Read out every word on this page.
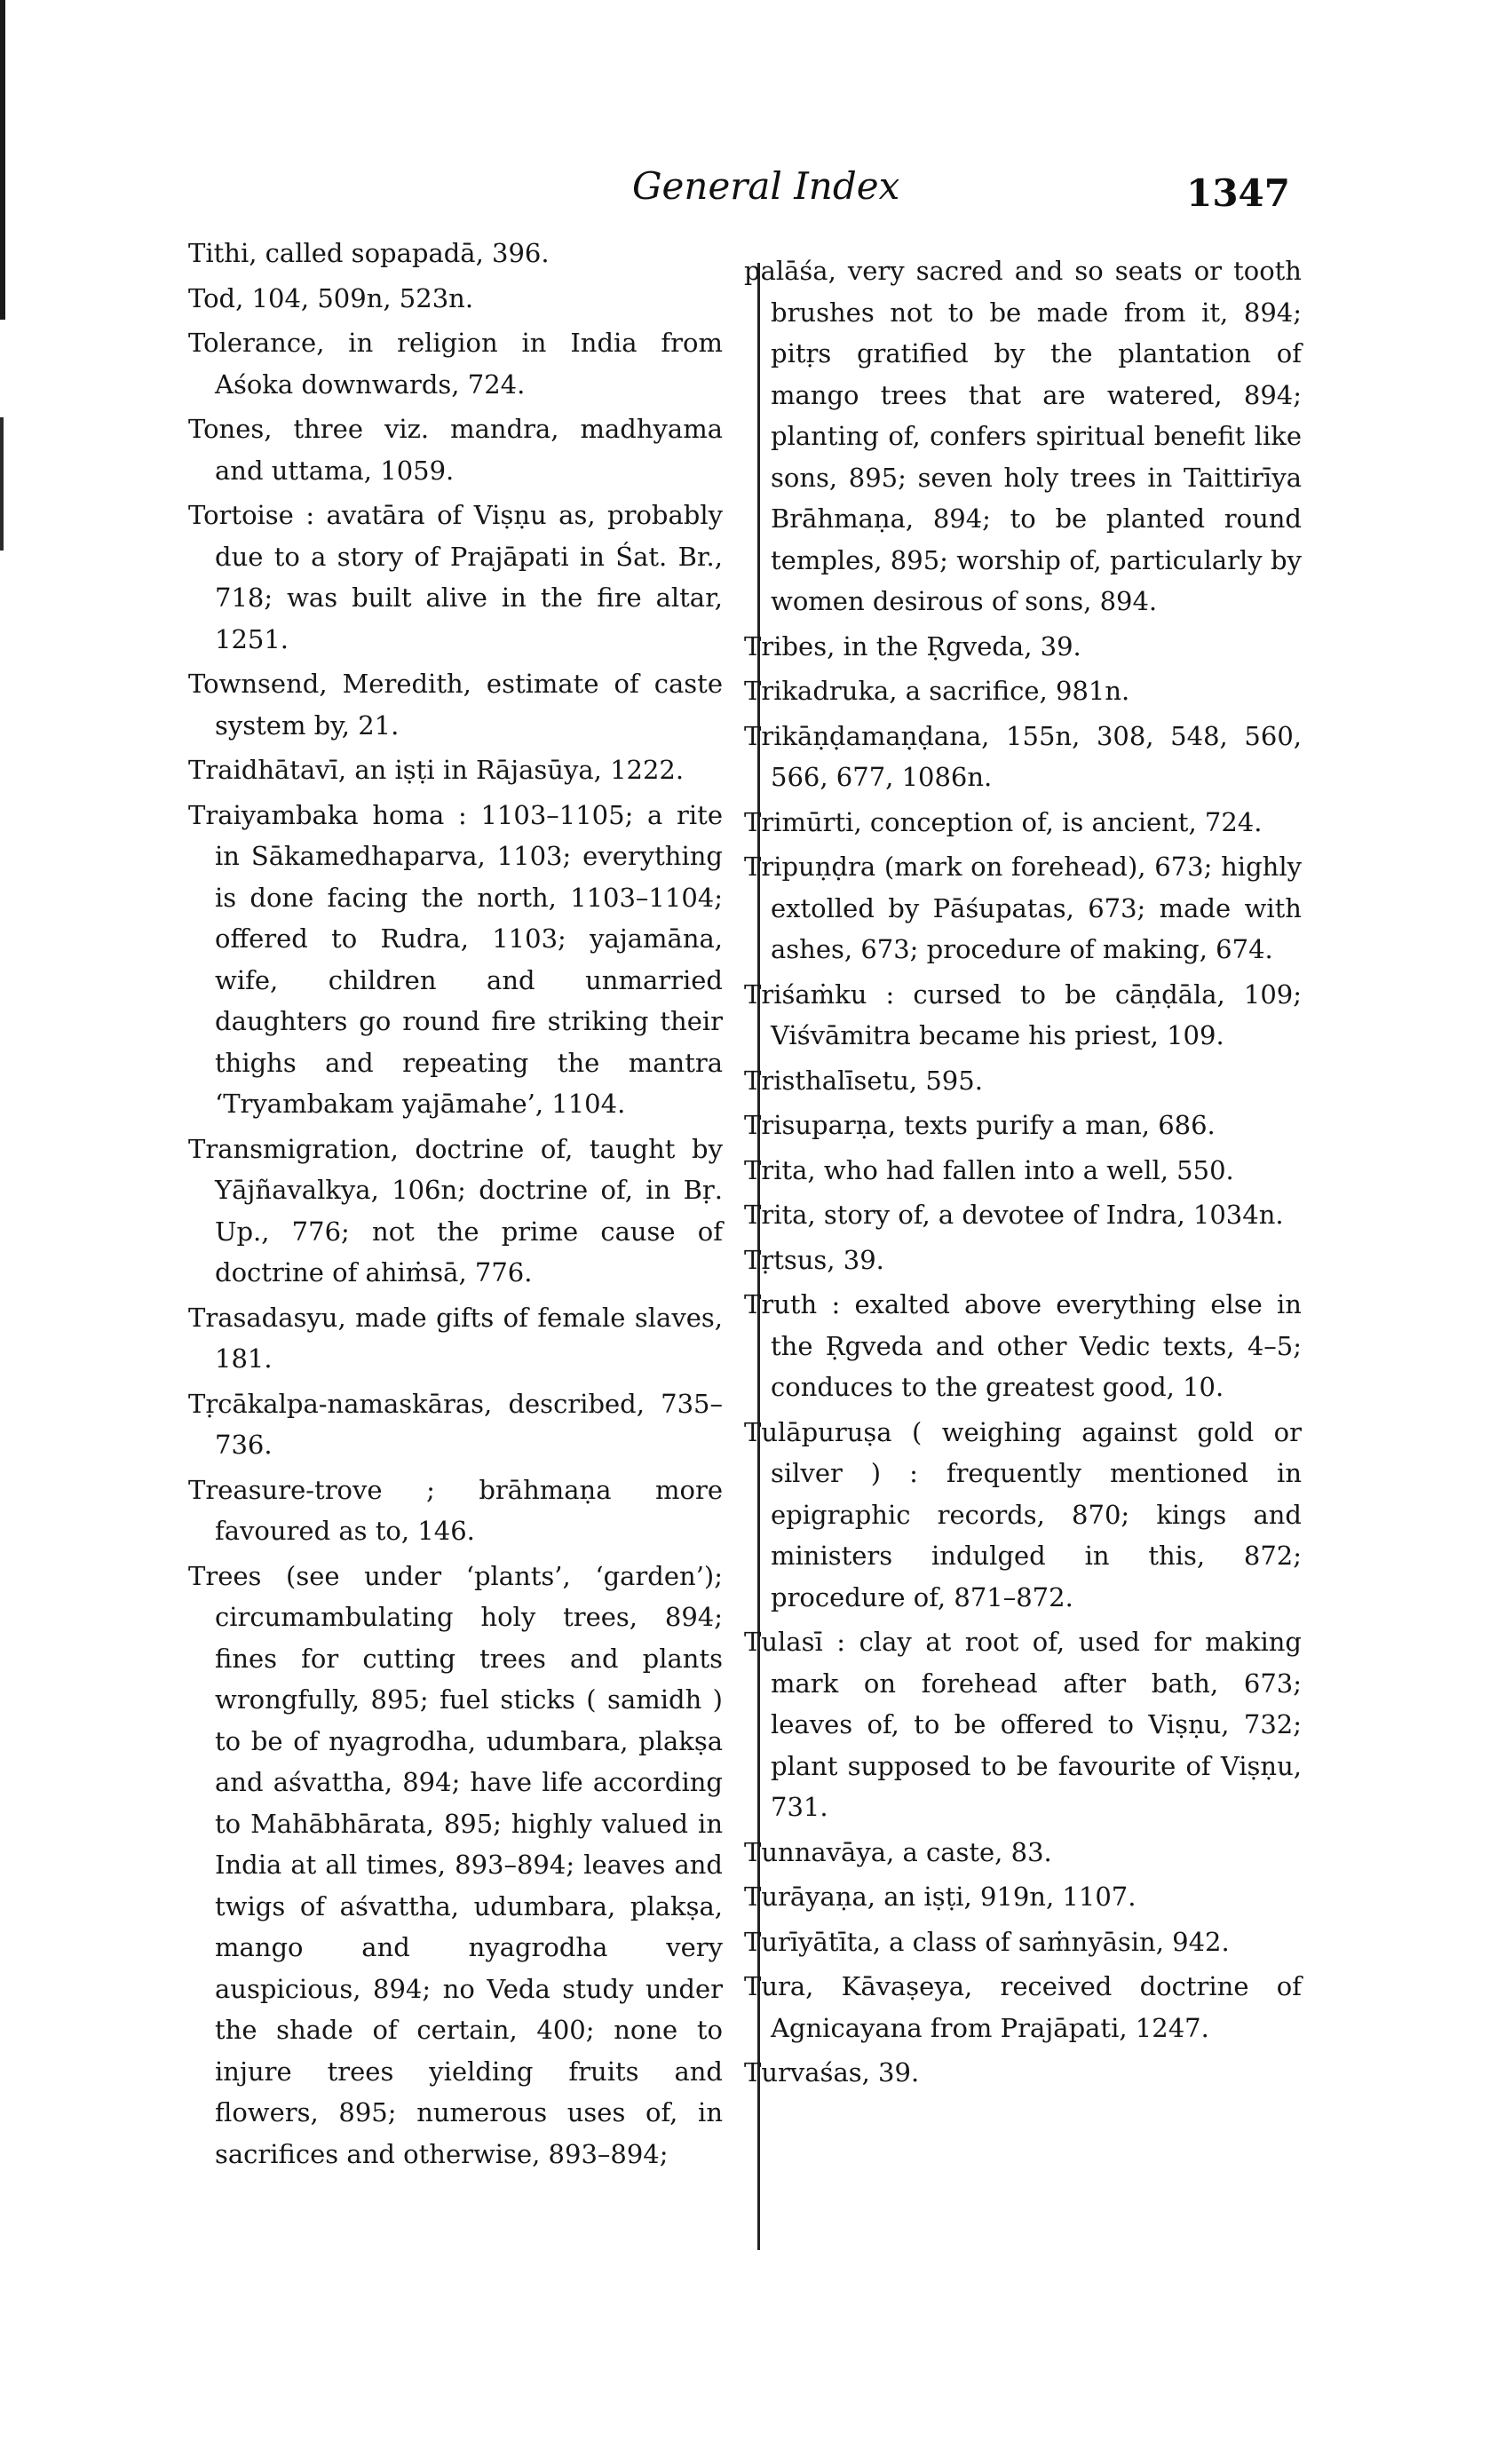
General Index	1347

Tithi, called sopapadā, 396.

Tod, 104, 509n, 523n.

Tolerance, in religion in India from Aśoka downwards, 724.

Tones, three viz. mandra, madhyama and uttama, 1059.

Tortoise : avatāra of Viṣṇu as, probably due to a story of Prajāpati in Śat. Br., 718; was built alive in the fire altar, 1251.

Townsend, Meredith, estimate of caste system by, 21.

Traidhātavī, an iṣṭi in Rājasūya, 1222.

Traiyambaka homa : 1103–1105; a rite in Sākamedhaparva, 1103; everything is done facing the north, 1103–1104; offered to Rudra, 1103; yajamāna, wife, children and unmarried daughters go round fire striking their thighs and repeating the mantra ‘Tryambakam yajāmahe’, 1104.

Transmigration, doctrine of, taught by Yājñavalkya, 106n; doctrine of, in Bṛ. Up., 776; not the prime cause of doctrine of ahiṁsā, 776.

Trasadasyu, made gifts of female slaves, 181.

Tṛcākalpa-namaskāras, described, 735–736.

Treasure-trove ; brāhmaṇa more favoured as to, 146.

Trees (see under ‘plants’, ‘garden’); circumambulating holy trees, 894; fines for cutting trees and plants wrongfully, 895; fuel sticks ( samidh ) to be of nyagrodha, udumbara, plakṣa and aśvattha, 894; have life according to Mahābhārata, 895; highly valued in India at all times, 893–894; leaves and twigs of aśvattha, udumbara, plakṣa, mango and nyagrodha very auspicious, 894; no Veda study under the shade of certain, 400; none to injure trees yielding fruits and flowers, 895; numerous uses of, in sacrifices and otherwise, 893–894;

palāśa, very sacred and so seats or tooth brushes not to be made from it, 894; pitṛs gratified by the plantation of mango trees that are watered, 894; planting of, confers spiritual benefit like sons, 895; seven holy trees in Taittirīya Brāhmaṇa, 894; to be planted round temples, 895; worship of, particularly by women desirous of sons, 894.

Tribes, in the Ṛgveda, 39.

Trikadruka, a sacrifice, 981n.

Trikāṇḍamaṇḍana, 155n, 308, 548, 560, 566, 677, 1086n.

Trimūrti, conception of, is ancient, 724.

Tripuṇḍra (mark on forehead), 673; highly extolled by Pāśupatas, 673; made with ashes, 673; procedure of making, 674.

Triśaṁku : cursed to be cāṇḍāla, 109; Viśvāmitra became his priest, 109.

Tristhalīsetu, 595.

Trisuparṇa, texts purify a man, 686.

Trita, who had fallen into a well, 550.

Trita, story of, a devotee of Indra, 1034n.

Tṛtsus, 39.

Truth : exalted above everything else in the Ṛgveda and other Vedic texts, 4–5; conduces to the greatest good, 10.

Tulāpuruṣa ( weighing against gold or silver ) : frequently mentioned in epigraphic records, 870; kings and ministers indulged in this, 872; procedure of, 871–872.

Tulasī : clay at root of, used for making mark on forehead after bath, 673; leaves of, to be offered to Viṣṇu, 732; plant supposed to be favourite of Viṣṇu, 731.

Tunnavāya, a caste, 83.

Turāyaṇa, an iṣṭi, 919n, 1107.

Turīyātīta, a class of saṁnyāsin, 942.

Tura, Kāvaṣeya, received doctrine of Agnicayana from Prajāpati, 1247.

Turvaśas, 39.
